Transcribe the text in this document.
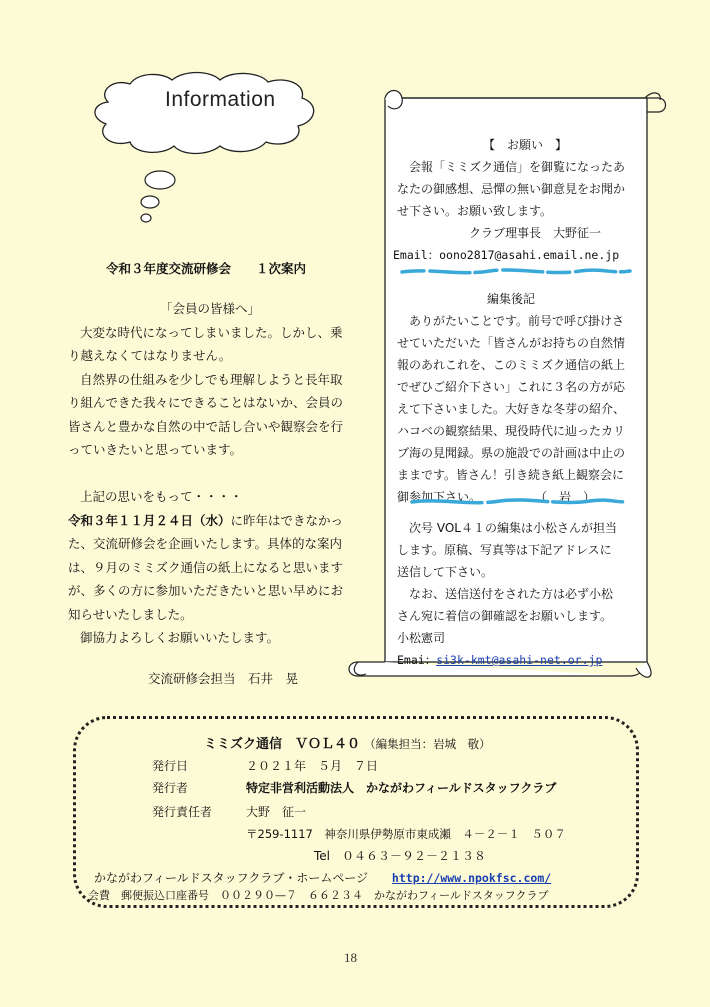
Information
令和３年度交流研修会　　１次案内

「会員の皆様へ」

大変な時代になってしまいました。しかし、乗

り越えなくてはなりません。

自然界の仕組みを少しでも理解しようと長年取

り組んできた我々にできることはないか、会員の

皆さんと豊かな自然の中で話し合いや観察会を行

っていきたいと思っています。

上記の思いをもって・・・・

令和３年１１月２４日（水）に昨年はできなかっ

た、交流研修会を企画いたします。具体的な案内

は、９月のミミズク通信の紙上になると思います

が、多くの方に参加いただきたいと思い早めにお

知らせいたしました。

御協力よろしくお願いいたします。

交流研修会担当　石井　晃

【　お願い　】

会報「ミミズク通信」を御覧になったあ

なたの御感想、忌憚の無い御意見をお聞か

せ下さい。お願い致します。

クラブ理事長　大野征一

Email：oono2817@asahi.email.ne.jp

編集後記

ありがたいことです。前号で呼び掛けさ

せていただいた「皆さんがお持ちの自然情

報のあれこれを、このミミズク通信の紙上

でぜひご紹介下さい」これに３名の方が応

えて下さいました。大好きな冬芽の紹介、

ハコベの観察結果、現役時代に辿ったカリ

ブ海の見聞録。県の施設での計画は中止の

ままです。皆さん！引き続き紙上観察会に

御参加下さい。	（　岩　）

次号 VOL４１の編集は小松さんが担当

します。原稿、写真等は下記アドレスに

送信して下さい。

なお、送信送付をされた方は必ず小松

さん宛に着信の御確認をお願いします。

小松憲司

Emai：si3k-kmt@asahi-net.or.jp

ミミズク通信　ＶＯＬ４０ （編集担当：岩城　敬）
発行日	２０２１年　５月　７日
発行者	特定非営利活動法人　かながわフィールドスタッフクラブ
発行責任者	大野　征一
〒259-1117　神奈川県伊勢原市東成瀬　４－２－１　５０７
Tel　０４６３－９２－２１３８
かながわフィールドスタッフクラブ・ホームページ http://www.npokfsc.com/
会費　郵便振込口座番号　００２９０—７　６６２３４　かながわフィールドスタッフクラブ
18
